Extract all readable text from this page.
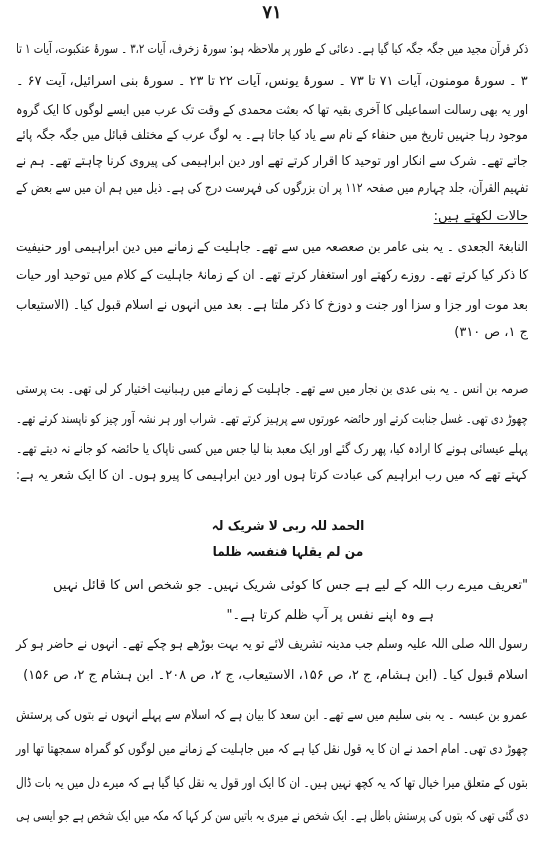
٧١
ذکر قرآن مجید میں جگہ جگہ کیا گیا ہے۔ دعائی کے طور پر ملاحظہ ہو: سورۃ زخرف، آیات ۳،۲ ۔ سورۂ عنکبوت، آیات ۱ تا
۳ ۔ سورۂ مومنون، آیات ۷۱ تا ۷۳ ۔ سورۂ یونس، آیات ۲۲ تا ۲۳ ۔ سورۂ بنی اسرائیل، آیت ۶۷ ۔
اور یہ بھی رسالت اسماعیلی کا آخری بقیہ تھا کہ بعثت محمدی کے وقت تک عرب میں ایسے لوگوں کا ایک گروہ
موجود رہا جنہیں تاریخ میں حنفاء کے نام سے یاد کیا جاتا ہے۔ یہ لوگ عرب کے مختلف قبائل میں جگہ جگہ پائے
جاتے تھے۔ شرک سے انکار اور توحید کا اقرار کرتے تھے اور دین ابراہیمی کی پیروی کرنا چاہتے تھے۔ ہم نے
تفہیم القرآن، جلد چہارم میں صفحہ ۱۱۲ پر ان بزرگوں کی فہرست درج کی ہے۔ ذیل میں ہم ان میں سے بعض کے
حالات لکھتے ہیں:
النابغۃ الجعدی ۔ یہ بنی عامر بن صعصعہ میں سے تھے۔ جاہلیت کے زمانے میں دین ابراہیمی اور حنیفیت
کا ذکر کیا کرتے تھے۔ روزے رکھتے اور استغفار کرتے تھے۔ ان کے زمانۂ جاہلیت کے کلام میں توحید اور حیات
بعد موت اور جزا و سزا اور جنت و دوزخ کا ذکر ملتا ہے۔ بعد میں انہوں نے اسلام قبول کیا۔ (الاستیعاب
ج ۱، ص ۳۱۰)
صرمہ بن انس ۔ یہ بنی عدی بن نجار میں سے تھے۔ جاہلیت کے زمانے میں رہبانیت اختیار کر لی تھی۔ بت پرستی
چھوڑ دی تھی۔ غسل جنابت کرتے اور حائضہ عورتوں سے پرہیز کرتے تھے۔ شراب اور ہر نشہ آور چیز کو ناپسند کرتے تھے۔
پہلے عیسائی ہونے کا ارادہ کیا، پھر رک گئے اور ایک معبد بنا لیا جس میں کسی ناپاک یا حائضہ کو جانے نہ دیتے تھے۔
کہتے تھے کہ میں رب ابراہیم کی عبادت کرتا ہوں اور دین ابراہیمی کا پیرو ہوں۔ ان کا ایک شعر یہ ہے:
الحمد للہ ربی لا شریک لہ
من لم یقلہا فنفسہ ظلما
"تعریف میرے رب اللہ کے لیے ہے جس کا کوئی شریک نہیں۔ جو شخص اس کا قائل نہیں
ہے وہ اپنے نفس پر آپ ظلم کرتا ہے۔"
رسول اللہ صلی اللہ علیہ وسلم جب مدینہ تشریف لائے تو یہ بہت بوڑھے ہو چکے تھے۔ انہوں نے حاضر ہو کر
اسلام قبول کیا۔ (ابن ہشام، ج ۲، ص ۱۵۶، الاستیعاب، ج ۲، ص ۲۰۸۔ ابن ہشام ج ۲، ص ۱۵۶)
عمرو بن عبسہ ۔ یہ بنی سلیم میں سے تھے۔ ابن سعد کا بیان ہے کہ اسلام سے پہلے انہوں نے بتوں کی پرستش
چھوڑ دی تھی۔ امام احمد نے ان کا یہ قول نقل کیا ہے کہ میں جاہلیت کے زمانے میں لوگوں کو گمراہ سمجھتا تھا اور
بتوں کے متعلق میرا خیال تھا کہ یہ کچھ نہیں ہیں۔ ان کا ایک اور قول یہ نقل کیا گیا ہے کہ میرے دل میں یہ بات ڈال
دی گئی تھی کہ بتوں کی پرستش باطل ہے۔ ایک شخص نے میری یہ باتیں سن کر کہا کہ مکہ میں ایک شخص ہے جو ایسی ہی
